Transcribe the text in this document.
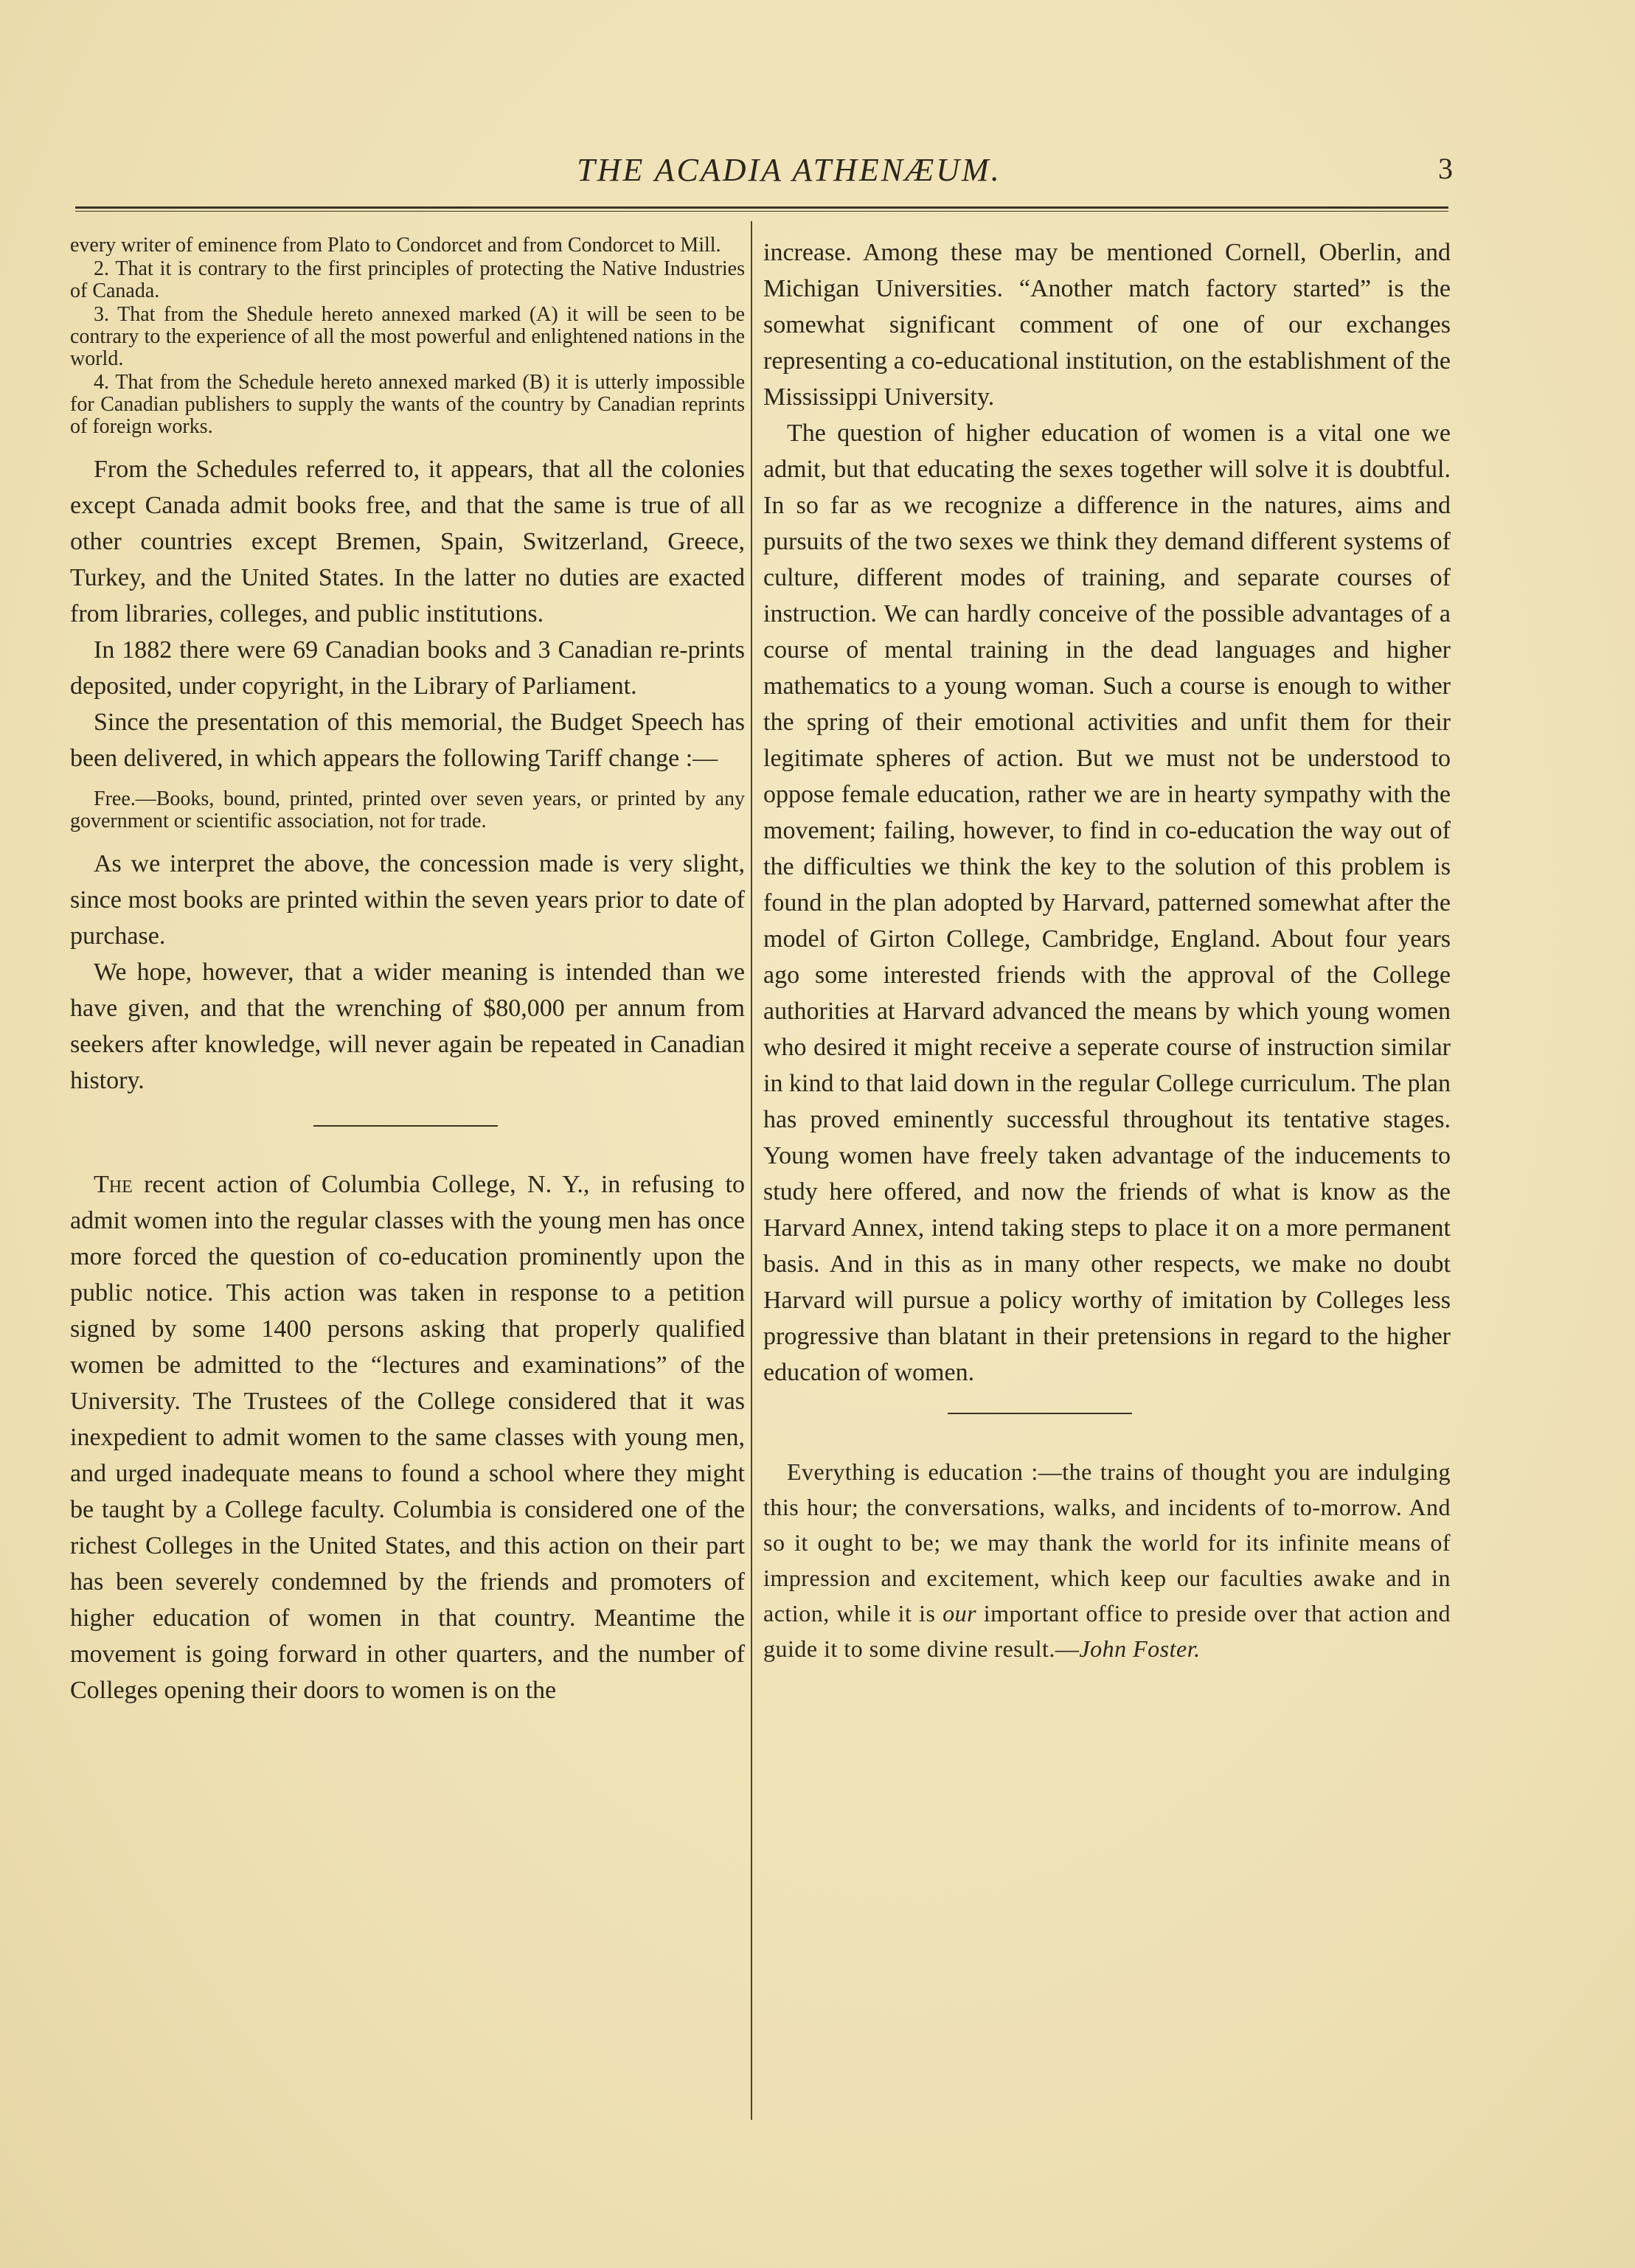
THE ACADIA ATHENÆUM.	3

every writer of eminence from Plato to Condorcet and from Condorcet to Mill.

2. That it is contrary to the first principles of protecting the Native Industries of Canada.

3. That from the Shedule hereto annexed marked (A) it will be seen to be contrary to the experience of all the most powerful and enlightened nations in the world.

4. That from the Schedule hereto annexed marked (B) it is utterly impossible for Canadian publishers to supply the wants of the country by Canadian reprints of foreign works.

From the Schedules referred to, it appears, that all the colonies except Canada admit books free, and that the same is true of all other countries except Bremen, Spain, Switzerland, Greece, Turkey, and the United States. In the latter no duties are exacted from libraries, colleges, and public institutions.

In 1882 there were 69 Canadian books and 3 Canadian re-prints deposited, under copyright, in the Library of Parliament.

Since the presentation of this memorial, the Budget Speech has been delivered, in which appears the following Tariff change :—

Free.—Books, bound, printed, printed over seven years, or printed by any government or scientific association, not for trade.

As we interpret the above, the concession made is very slight, since most books are printed within the seven years prior to date of purchase.

We hope, however, that a wider meaning is intended than we have given, and that the wrenching of $80,000 per annum from seekers after knowledge, will never again be repeated in Canadian history.

The recent action of Columbia College, N. Y., in refusing to admit women into the regular classes with the young men has once more forced the question of co-education prominently upon the public notice. This action was taken in response to a petition signed by some 1400 persons asking that properly qualified women be admitted to the “lectures and examinations” of the University. The Trustees of the College considered that it was inexpedient to admit women to the same classes with young men, and urged inadequate means to found a school where they might be taught by a College faculty. Columbia is considered one of the richest Colleges in the United States, and this action on their part has been severely condemned by the friends and promoters of higher education of women in that country. Meantime the movement is going forward in other quarters, and the number of Colleges opening their doors to women is on the

increase. Among these may be mentioned Cornell, Oberlin, and Michigan Universities. “Another match factory started” is the somewhat significant comment of one of our exchanges representing a co-educational institution, on the establishment of the Mississippi University.

The question of higher education of women is a vital one we admit, but that educating the sexes together will solve it is doubtful. In so far as we recognize a difference in the natures, aims and pursuits of the two sexes we think they demand different systems of culture, different modes of training, and separate courses of instruction. We can hardly conceive of the possible advantages of a course of mental training in the dead languages and higher mathematics to a young woman. Such a course is enough to wither the spring of their emotional activities and unfit them for their legitimate spheres of action. But we must not be understood to oppose female education, rather we are in hearty sympathy with the movement; failing, however, to find in co-education the way out of the difficulties we think the key to the solution of this problem is found in the plan adopted by Harvard, patterned somewhat after the model of Girton College, Cambridge, England. About four years ago some interested friends with the approval of the College authorities at Harvard advanced the means by which young women who desired it might receive a seperate course of instruction similar in kind to that laid down in the regular College curriculum. The plan has proved eminently successful throughout its tentative stages. Young women have freely taken advantage of the inducements to study here offered, and now the friends of what is know as the Harvard Annex, intend taking steps to place it on a more permanent basis. And in this as in many other respects, we make no doubt Harvard will pursue a policy worthy of imitation by Colleges less progressive than blatant in their pretensions in regard to the higher education of women.

Everything is education :—the trains of thought you are indulging this hour; the conversations, walks, and incidents of to-morrow. And so it ought to be; we may thank the world for its infinite means of impression and excitement, which keep our faculties awake and in action, while it is our important office to preside over that action and guide it to some divine result.—John Foster.
